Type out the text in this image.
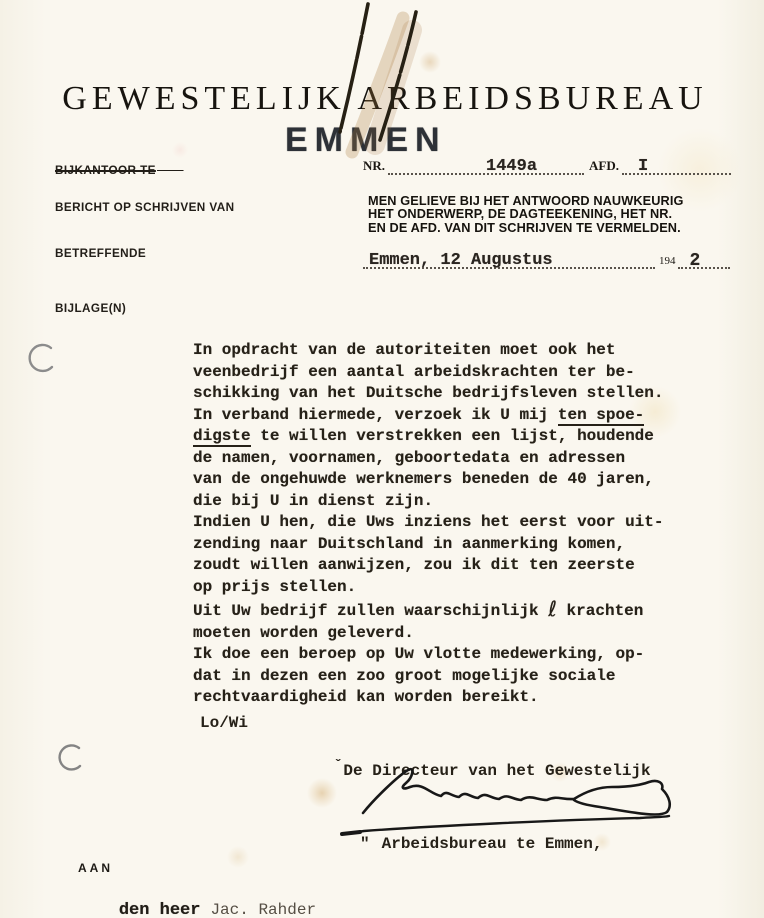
GEWESTELIJK ARBEIDSBUREAU
EMMEN
BIJKANTOOR TE
BERICHT OP SCHRIJVEN VAN
BETREFFENDE
BIJLAGE(N)
NR.	1449a	AFD.	I
MEN GELIEVE BIJ HET ANTWOORD NAUWKEURIG
HET ONDERWERP, DE DAGTEEKENING, HET NR.
EN DE AFD. VAN DIT SCHRIJVEN TE VERMELDEN.
Emmen, 12 Augustus	194 2
In opdracht van de autoriteiten moet ook het
veenbedrijf een aantal arbeidskrachten ter be-
schikking van het Duitsche bedrijfsleven stellen.
In verband hiermede, verzoek ik U mij ten spoe-
digste te willen verstrekken een lijst, houdende
de namen, voornamen, geboortedata en adressen
van de ongehuwde werknemers beneden de 40 jaren,
die bij U in dienst zijn.
Indien U hen, die Uws inziens het eerst voor uit-
zending naar Duitschland in aanmerking komen,
zoudt willen aanwijzen, zou ik dit ten zeerste
op prijs stellen.
Uit Uw bedrijf zullen waarschijnlijk ℓ krachten
moeten worden geleverd.
Ik doe een beroep op Uw vlotte medewerking, op-
dat in dezen een zoo groot mogelijke sociale
rechtvaardigheid kan worden bereikt.
Lo/Wi

ˇDe Directeur van het Gewestelijk

" Arbeidsbureau te Emmen,

AAN

den heer Jac. Rahder
